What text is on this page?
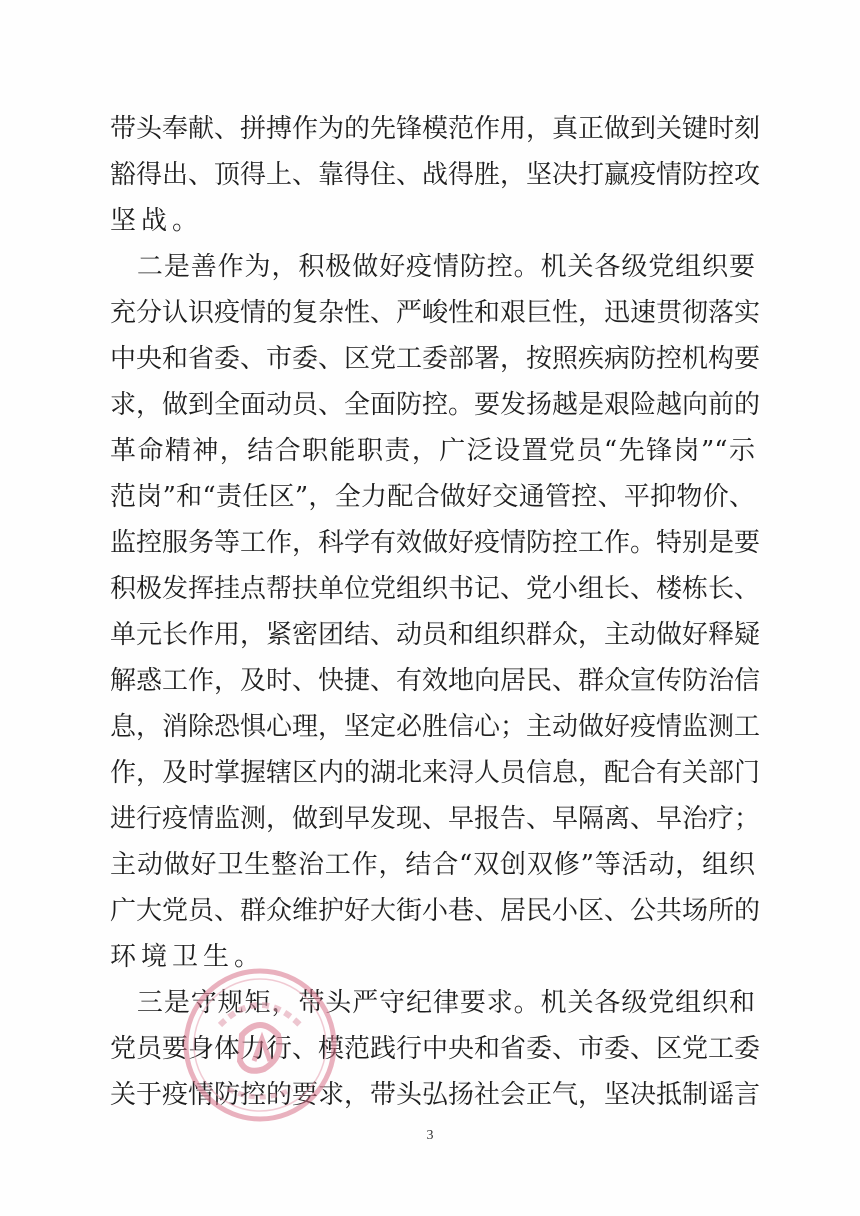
带头奉献、拼搏作为的先锋模范作用，真正做到关键时刻
豁得出、顶得上、靠得住、战得胜，坚决打赢疫情防控攻
坚战。
　二是善作为，积极做好疫情防控。机关各级党组织要
充分认识疫情的复杂性、严峻性和艰巨性，迅速贯彻落实
中央和省委、市委、区党工委部署，按照疾病防控机构要
求，做到全面动员、全面防控。要发扬越是艰险越向前的
革命精神，结合职能职责，广泛设置党员“先锋岗”“示
范岗”和“责任区”，全力配合做好交通管控、平抑物价、
监控服务等工作，科学有效做好疫情防控工作。特别是要
积极发挥挂点帮扶单位党组织书记、党小组长、楼栋长、
单元长作用，紧密团结、动员和组织群众，主动做好释疑
解惑工作，及时、快捷、有效地向居民、群众宣传防治信
息，消除恐惧心理，坚定必胜信心；主动做好疫情监测工
作，及时掌握辖区内的湖北来浔人员信息，配合有关部门
进行疫情监测，做到早发现、早报告、早隔离、早治疗；
主动做好卫生整治工作，结合“双创双修”等活动，组织
广大党员、群众维护好大街小巷、居民小区、公共场所的
环境卫生。
　三是守规矩，带头严守纪律要求。机关各级党组织和
党员要身体力行、模范践行中央和省委、市委、区党工委
关于疫情防控的要求，带头弘扬社会正气，坚决抵制谣言
3
